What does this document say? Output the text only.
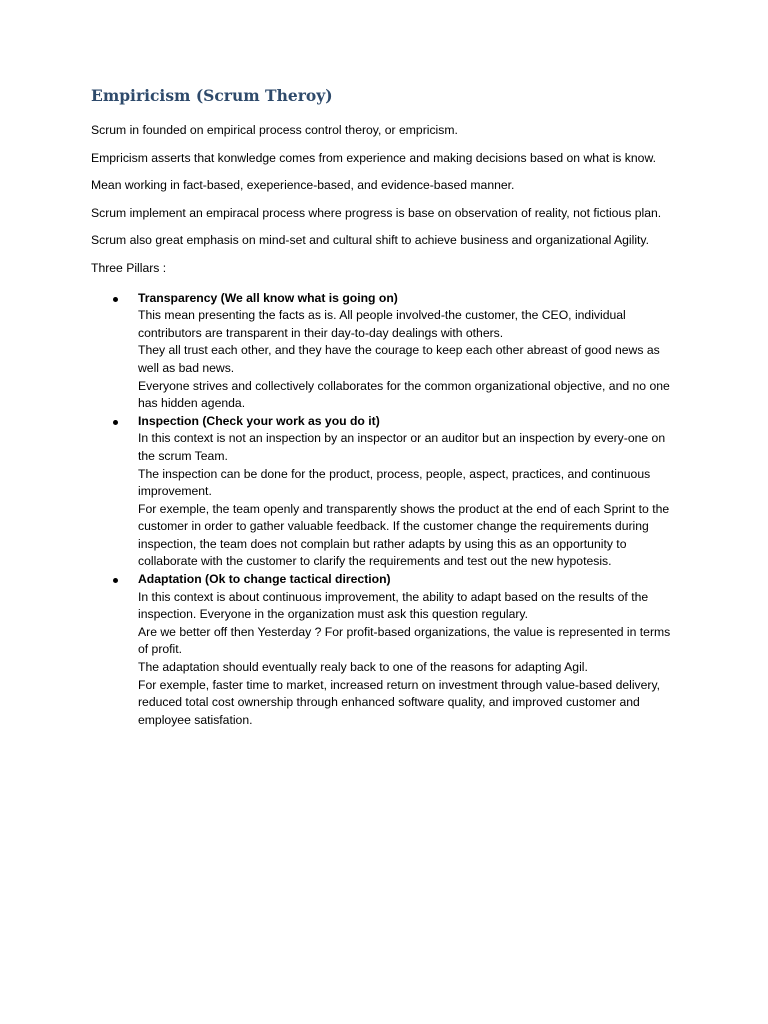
Empiricism (Scrum Theroy)

Scrum in founded on empirical process control theroy, or empricism.

Empricism asserts that konwledge comes from experience and making decisions based on what is know.

Mean working in fact-based, exeperience-based, and evidence-based manner.

Scrum implement an empiracal process where progress is base on observation of reality, not fictious plan.

Scrum also great emphasis on mind-set and cultural shift to achieve business and organizational Agility.

Three Pillars :

Transparency (We all know what is going on)
This mean presenting the facts as is. All people involved-the customer, the CEO, individual contributors are transparent in their day-to-day dealings with others.
They all trust each other, and they have the courage to keep each other abreast of good news as well as bad news.
Everyone strives and collectively collaborates for the common organizational objective, and no one has hidden agenda.
Inspection (Check your work as you do it)
In this context is not an inspection by an inspector or an auditor but an inspection by every-one on the scrum Team.
The inspection can be done for the product, process, people, aspect, practices, and continuous improvement.
For exemple, the team openly and transparently shows the product at the end of each Sprint to the customer in order to gather valuable feedback. If the customer change the requirements during inspection, the team does not complain but rather adapts by using this as an opportunity to collaborate with the customer to clarify the requirements and test out the new hypotesis.
Adaptation (Ok to change tactical direction)
In this context is about continuous improvement, the ability to adapt based on the results of the inspection. Everyone in the organization must ask this question regulary.
Are we better off then Yesterday ? For profit-based organizations, the value is represented in terms of profit.
The adaptation should eventually realy back to one of the reasons for adapting Agil.
For exemple, faster time to market, increased return on investment through value-based delivery, reduced total cost ownership through enhanced software quality, and improved customer and employee satisfation.
